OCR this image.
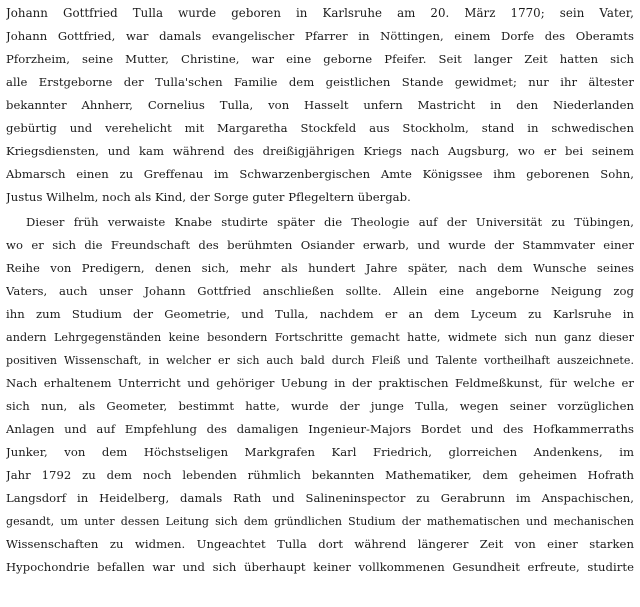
Johann Gottfried Tulla wurde geboren in Karlsruhe am 20. März 1770; sein Vater,
Johann Gottfried, war damals evangelischer Pfarrer in Nöttingen, einem Dorfe des Oberamts
Pforzheim, seine Mutter, Christine, war eine geborne Pfeifer. Seit langer Zeit hatten sich
alle Erstgeborne der Tulla'schen Familie dem geistlichen Stande gewidmet; nur ihr ältester
bekannter Ahnherr, Cornelius Tulla, von Hasselt unfern Mastricht in den Niederlanden
gebürtig und verehelicht mit Margaretha Stockfeld aus Stockholm, stand in schwedischen
Kriegsdiensten, und kam während des dreißigjährigen Kriegs nach Augsburg, wo er bei seinem
Abmarsch einen zu Greffenau im Schwarzenbergischen Amte Königssee ihm geborenen Sohn,
Justus Wilhelm, noch als Kind, der Sorge guter Pflegeltern übergab.
Dieser früh verwaiste Knabe studirte später die Theologie auf der Universität zu Tübingen,
wo er sich die Freundschaft des berühmten Osiander erwarb, und wurde der Stammvater einer
Reihe von Predigern, denen sich, mehr als hundert Jahre später, nach dem Wunsche seines
Vaters, auch unser Johann Gottfried anschließen sollte. Allein eine angeborne Neigung zog
ihn zum Studium der Geometrie, und Tulla, nachdem er an dem Lyceum zu Karlsruhe in
andern Lehrgegenständen keine besondern Fortschritte gemacht hatte, widmete sich nun ganz dieser
positiven Wissenschaft, in welcher er sich auch bald durch Fleiß und Talente vortheilhaft auszeichnete.
Nach erhaltenem Unterricht und gehöriger Uebung in der praktischen Feldmeßkunst, für welche er
sich nun, als Geometer, bestimmt hatte, wurde der junge Tulla, wegen seiner vorzüglichen
Anlagen und auf Empfehlung des damaligen Ingenieur-Majors Bordet und des Hofkammerraths
Junker, von dem Höchstseligen Markgrafen Karl Friedrich, glorreichen Andenkens, im
Jahr 1792 zu dem noch lebenden rühmlich bekannten Mathematiker, dem geheimen Hofrath
Langsdorf in Heidelberg, damals Rath und Salineninspector zu Gerabrunn im Anspachischen,
gesandt, um unter dessen Leitung sich dem gründlichen Studium der mathematischen und mechanischen
Wissenschaften zu widmen. Ungeachtet Tulla dort während längerer Zeit von einer starken
Hypochondrie befallen war und sich überhaupt keiner vollkommenen Gesundheit erfreute, studirte
